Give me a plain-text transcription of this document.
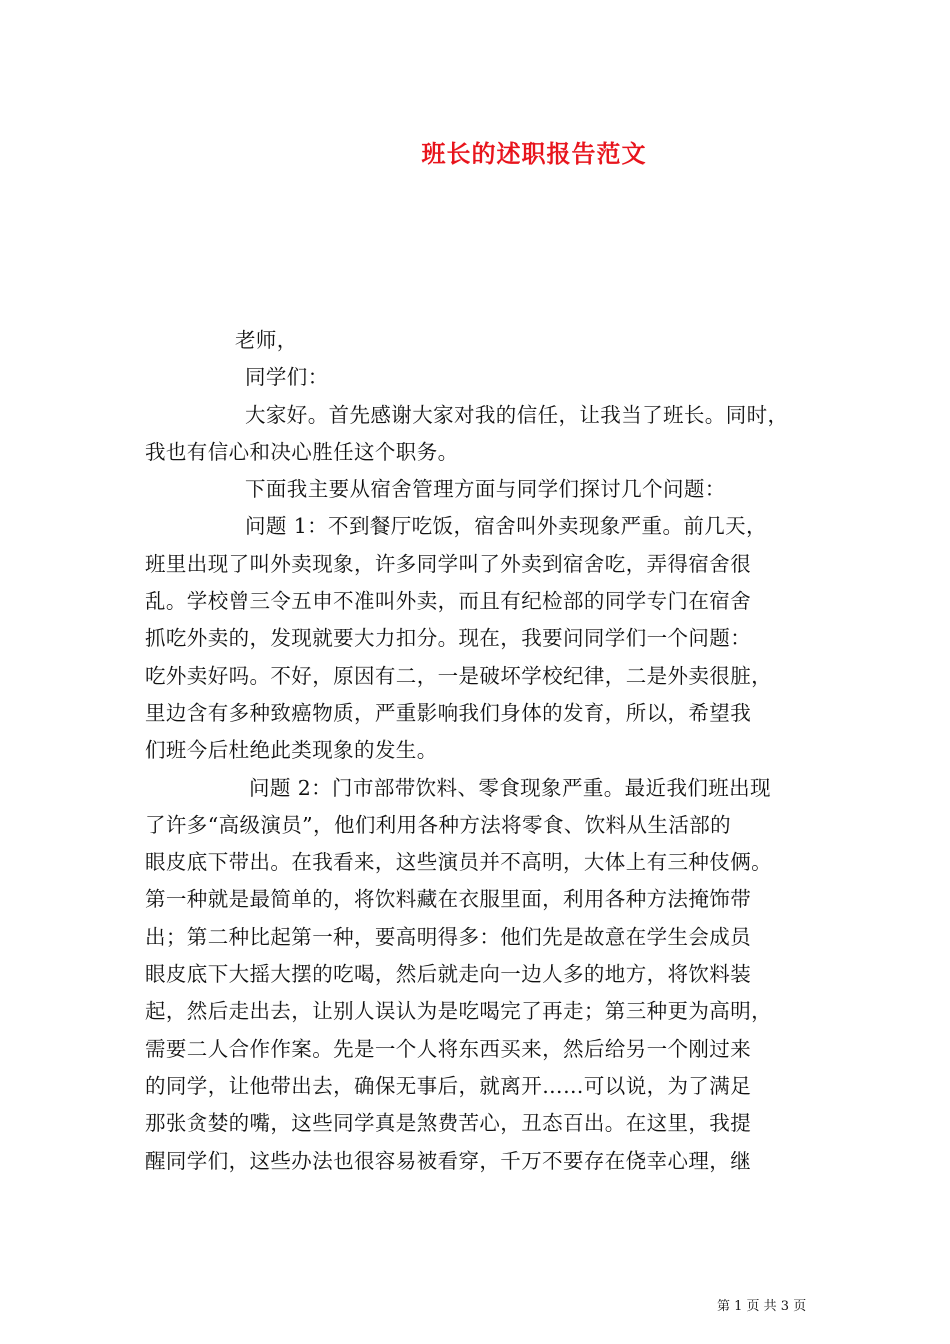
班长的述职报告范文
老师，
同学们：
大家好。首先感谢大家对我的信任，让我当了班长。同时，
我也有信心和决心胜任这个职务。
下面我主要从宿舍管理方面与同学们探讨几个问题：
问题 1：不到餐厅吃饭，宿舍叫外卖现象严重。前几天，
班里出现了叫外卖现象，许多同学叫了外卖到宿舍吃，弄得宿舍很
乱。学校曾三令五申不准叫外卖，而且有纪检部的同学专门在宿舍
抓吃外卖的，发现就要大力扣分。现在，我要问同学们一个问题：
吃外卖好吗。不好，原因有二，一是破坏学校纪律，二是外卖很脏，
里边含有多种致癌物质，严重影响我们身体的发育，所以，希望我
们班今后杜绝此类现象的发生。
问题 2：门市部带饮料、零食现象严重。最近我们班出现
了许多“高级演员”，他们利用各种方法将零食、饮料从生活部的
眼皮底下带出。在我看来，这些演员并不高明，大体上有三种伎俩。
第一种就是最简单的，将饮料藏在衣服里面，利用各种方法掩饰带
出；第二种比起第一种，要高明得多：他们先是故意在学生会成员
眼皮底下大摇大摆的吃喝，然后就走向一边人多的地方，将饮料装
起，然后走出去，让别人误认为是吃喝完了再走；第三种更为高明，
需要二人合作作案。先是一个人将东西买来，然后给另一个刚过来
的同学，让他带出去，确保无事后，就离开……可以说，为了满足
那张贪婪的嘴，这些同学真是煞费苦心，丑态百出。在这里，我提
醒同学们，这些办法也很容易被看穿，千万不要存在侥幸心理，继
第 1 页 共 3 页
